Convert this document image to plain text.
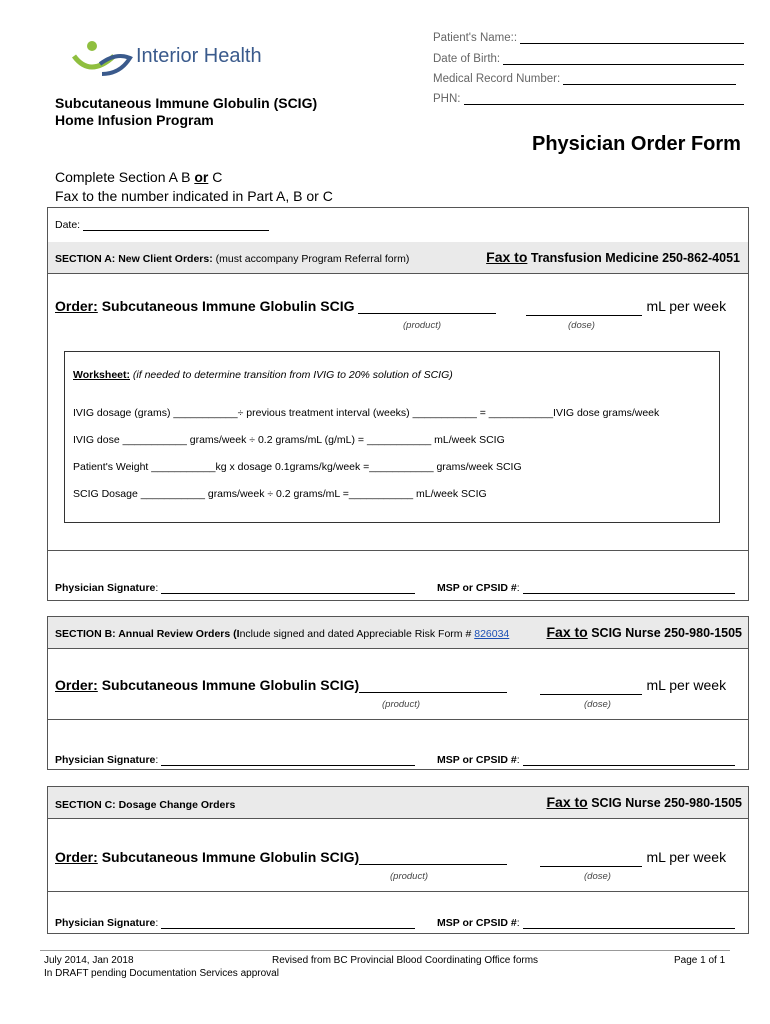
Interior Health
Patient's Name::
Date of Birth:
Medical Record Number:
PHN:
Subcutaneous Immune Globulin (SCIG)
Home Infusion Program
Physician Order Form
Complete Section A B or C
Fax to the number indicated in Part A, B or C
Date:
SECTION A: New Client Orders: (must accompany Program Referral form)	Fax to Transfusion Medicine 250-862-4051
Order: Subcutaneous Immune Globulin SCIG	mL per week
(product)	(dose)
Physician Signature:	MSP or CPSID #:
Worksheet: (if needed to determine transition from IVIG to 20% solution of SCIG)
IVIG dosage (grams) ___________÷ previous treatment interval (weeks) ___________ = ___________IVIG dose grams/week
IVIG dose ___________ grams/week ÷ 0.2 grams/mL (g/mL) = ___________ mL/week SCIG
Patient's Weight ___________kg x dosage 0.1grams/kg/week =___________ grams/week SCIG
SCIG Dosage ___________ grams/week ÷ 0.2 grams/mL =___________ mL/week SCIG
SECTION B: Annual Review Orders (Include signed and dated Appreciable Risk Form # 826034	Fax to SCIG Nurse 250-980-1505
Order: Subcutaneous Immune Globulin SCIG)	mL per week
(product)	(dose)
Physician Signature:	MSP or CPSID #:
SECTION C: Dosage Change Orders	Fax to SCIG Nurse 250-980-1505
Order: Subcutaneous Immune Globulin SCIG)	mL per week
(product)	(dose)
Physician Signature:	MSP or CPSID #:
July 2014, Jan 2018	Revised from BC Provincial Blood Coordinating Office forms	Page 1 of 1
In DRAFT pending Documentation Services approval
